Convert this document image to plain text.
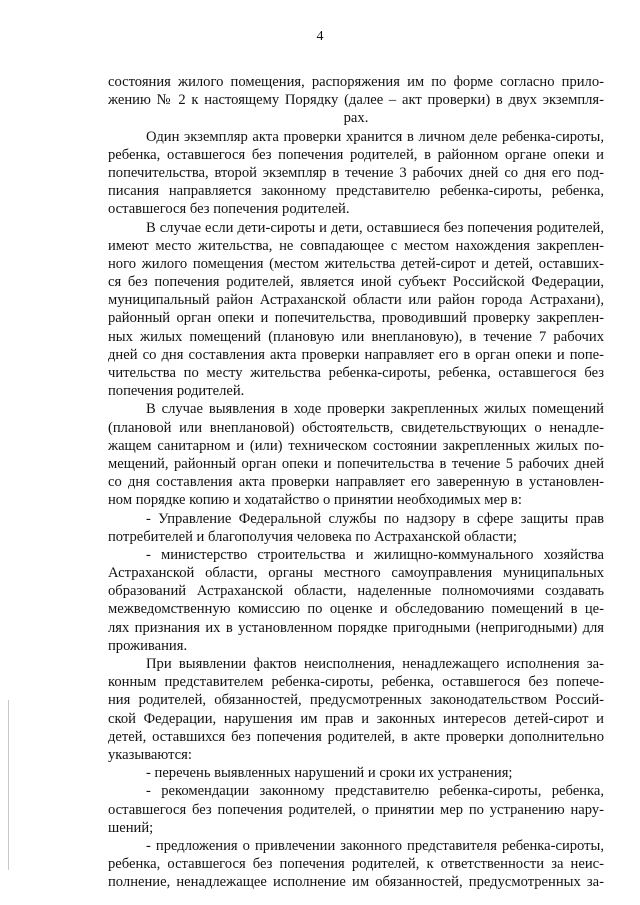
4
состояния жилого помещения, распоряжения им по форме согласно прило-
жению № 2 к настоящему Порядку (далее – акт проверки) в двух экземпля-
рах.
Один экземпляр акта проверки хранится в личном деле ребенка-сироты,
ребенка, оставшегося без попечения родителей, в районном органе опеки и
попечительства, второй экземпляр в течение 3 рабочих дней со дня его под-
писания направляется законному представителю ребенка-сироты, ребенка,
оставшегося без попечения родителей.
В случае если дети-сироты и дети, оставшиеся без попечения родителей,
имеют место жительства, не совпадающее с местом нахождения закреплен-
ного жилого помещения (местом жительства детей-сирот и детей, оставших-
ся без попечения родителей, является иной субъект Российской Федерации,
муниципальный район Астраханской области или район города Астрахани),
районный орган опеки и попечительства, проводивший проверку закреплен-
ных жилых помещений (плановую или внеплановую), в течение 7 рабочих
дней со дня составления акта проверки направляет его в орган опеки и попе-
чительства по месту жительства ребенка-сироты, ребенка, оставшегося без
попечения родителей.
В случае выявления в ходе проверки закрепленных жилых помещений
(плановой или внеплановой) обстоятельств, свидетельствующих о ненадле-
жащем санитарном и (или) техническом состоянии закрепленных жилых по-
мещений, районный орган опеки и попечительства в течение 5 рабочих дней
со дня составления акта проверки направляет его заверенную в установлен-
ном порядке копию и ходатайство о принятии необходимых мер в:
- Управление Федеральной службы по надзору в сфере защиты прав
потребителей и благополучия человека по Астраханской области;
- министерство строительства и жилищно-коммунального хозяйства
Астраханской области, органы местного самоуправления муниципальных
образований Астраханской области, наделенные полномочиями создавать
межведомственную комиссию по оценке и обследованию помещений в це-
лях признания их в установленном порядке пригодными (непригодными) для
проживания.
При выявлении фактов неисполнения, ненадлежащего исполнения за-
конным представителем ребенка-сироты, ребенка, оставшегося без попече-
ния родителей, обязанностей, предусмотренных законодательством Россий-
ской Федерации, нарушения им прав и законных интересов детей-сирот и
детей, оставшихся без попечения родителей, в акте проверки дополнительно
указываются:
- перечень выявленных нарушений и сроки их устранения;
- рекомендации законному представителю ребенка-сироты, ребенка,
оставшегося без попечения родителей, о принятии мер по устранению нару-
шений;
- предложения о привлечении законного представителя ребенка-сироты,
ребенка, оставшегося без попечения родителей, к ответственности за неис-
полнение, ненадлежащее исполнение им обязанностей, предусмотренных за-
